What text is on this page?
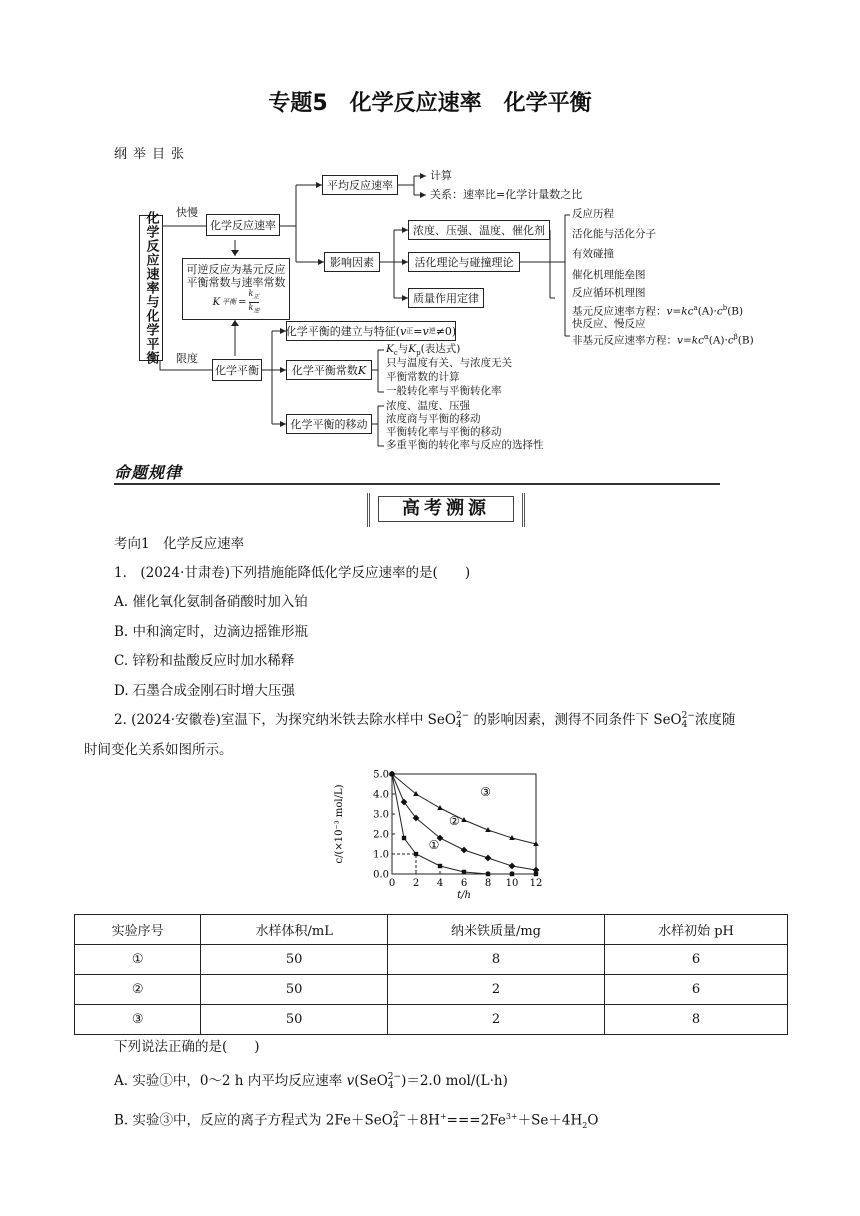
专题5　化学反应速率　化学平衡
纲举目张
化学反应速率与化学平衡 快慢
限度
化学反应速率
可逆反应为基元反应
平衡常数与速率常数
K 平衡 =
$k_正$
$k_逆$
化学平衡
平均反应速率
计算
关系：速率比=化学计量数之比
影响因素
浓度、压强、温度、催化剂
活化理论与碰撞理论
质量作用定律
反应历程
活化能与活化分子
有效碰撞
催化机理能垒图
反应循环机理图
基元反应速率方程：$v=kc^a(A)\cdot c^b(B)$
快反应、慢反应
非基元反应速率方程：$v=kc^\alpha(A)\cdot c^\beta(B)$
化学平衡的建立与特征( v 正 = v 逆 ≠0)
化学平衡常数 K
化学平衡的移动
$K_c$与$K_p$(表达式)
只与温度有关、与浓度无关
平衡常数的计算
一般转化率与平衡转化率
浓度、温度、压强
浓度商与平衡的移动
平衡转化率与平衡的移动
多重平衡的转化率与反应的选择性
命题规律
高考溯源
考向1　化学反应速率
1.　(2024·甘肃卷)下列措施能降低化学反应速率的是(　　)
A. 催化氧化氨制备硝酸时加入铂
B. 中和滴定时，边滴边摇锥形瓶
C. 锌粉和盐酸反应时加水稀释
D. 石墨合成金刚石时增大压强
2. (2024·安徽卷)室温下，为探究纳米铁去除水样中 SeO2−
4 的影响因素，测得不同条件下 SeO2−
4 浓度随
时间变化关系如图所示。
0 2 4 6 8 10 12
0.0
1.0
2.0
3.0
4.0
5.0
t/h
c/(×10⁻³ mol/L)	①
②
③
实验序号	水样体积/mL	纳米铁质量/mg	水样初始 pH
①	50	8	6
②	50	2	6
③	50	2	8
下列说法正确的是(　　)
A. 实验①中，0～2 h 内平均反应速率 v(SeO2−
4 )＝2.0 mol/(L·h)
B. 实验③中，反应的离子方程式为 2Fe＋SeO2−
$4 +8H^+===2Fe^{3+}+Se+4H_2O$
